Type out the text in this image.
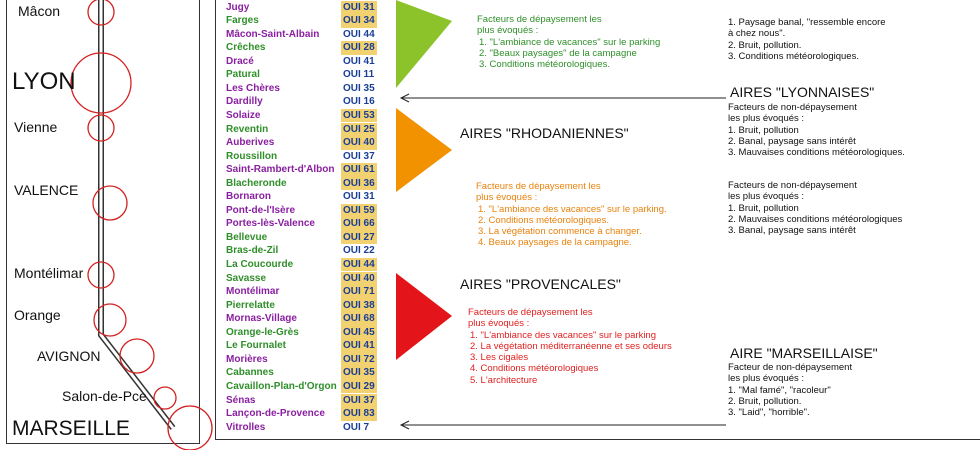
Mâcon
LYON
Vienne
VALENCE
Montélimar
Orange
AVIGNON
Salon-de-Pce
MARSEILLE
Jugy	OUI 31
Farges	OUI 34
Mâcon-Saint-Albain OUI 44
Crêches	OUI 28
Dracé	OUI 41
Patural	OUI 11
Les Chères	OUI 35
Dardilly	OUI 16
Solaize	OUI 53
Reventin	OUI 25
Auberives	OUI 40
Roussillon	OUI 37
Saint-Rambert-d'Albon OUI 61
Blacheronde	OUI 36
Bornaron	OUI 31
Pont-de-l'Isère	OUI 59
Portes-lès-Valence	OUI 66
Bellevue	OUI 27
Bras-de-Zil	OUI 22
La Coucourde	OUI 44
Savasse	OUI 40
Montélimar	OUI 71
Pierrelatte	OUI 38
Mornas-Village	OUI 68
Orange-le-Grès	OUI 45
Le Fournalet	OUI 41
Morières	OUI 72
Cabannes	OUI 35
Cavaillon-Plan-d'Orgon OUI 29
Sénas	OUI 37
Lançon-de-Provence OUI 83
Vitrolles	OUI 7
Facteurs de dépaysement les
plus évoqués :
1. "L'ambiance de vacances" sur le parking
2. "Beaux paysages" de la campagne
3. Conditions météorologiques.
1. Paysage banal, "ressemble encore
à chez nous".
2. Bruit, pollution.
3. Conditions météorologiques.
AIRES "LYONNAISES"
Facteurs de non-dépaysement
les plus évoqués :
1. Bruit, pollution
2. Banal, paysage sans intérêt
3. Mauvaises conditions météorologiques.
AIRES "RHODANIENNES"
Facteurs de dépaysement les
plus évoqués :
1. "L'ambiance des vacances" sur le parking.
2. Conditions météorologiques.
3. La végétation commence à changer.
4. Beaux paysages de la campagne.
Facteurs de non-dépaysement
les plus évoqués :
1. Bruit, pollution
2. Mauvaises conditions météorologiques
3. Banal, paysage sans intérêt
AIRES "PROVENCALES"
Facteurs de dépaysement les
plus évoqués :
1. "L'ambiance des vacances" sur le parking
2. La végétation méditerranéenne et ses odeurs
3. Les cigales
4. Conditions météorologiques
5. L'architecture
AIRE "MARSEILLAISE"
Facteur de non-dépaysement
les plus évoqués :
1. "Mal famé", "racoleur"
2. Bruit, pollution.
3. "Laid", "horrible".
